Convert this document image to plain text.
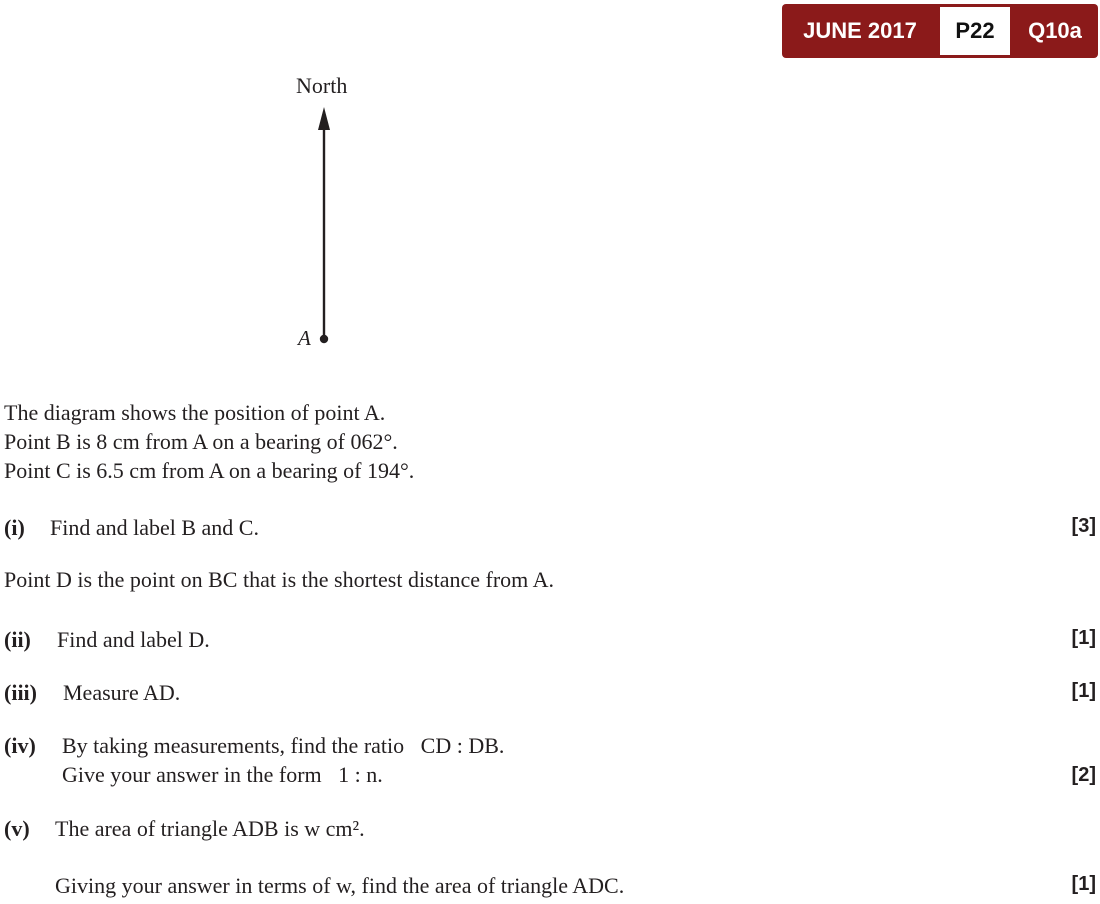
JUNE 2017	P22	Q10a
North
A
The diagram shows the position of point A.
Point B is 8 cm from A on a bearing of 062°.
Point C is 6.5 cm from A on a bearing of 194°.
(i) Find and label B and C.	[3]
Point D is the point on BC that is the shortest distance from A.
(ii) Find and label D.	[1]
(iii) Measure AD.	[1]
(iv) By taking measurements, find the ratio   CD : DB.
Give your answer in the form   1 : n.	[2]
(v) The area of triangle ADB is w cm².
Giving your answer in terms of w, find the area of triangle ADC.	[1]
